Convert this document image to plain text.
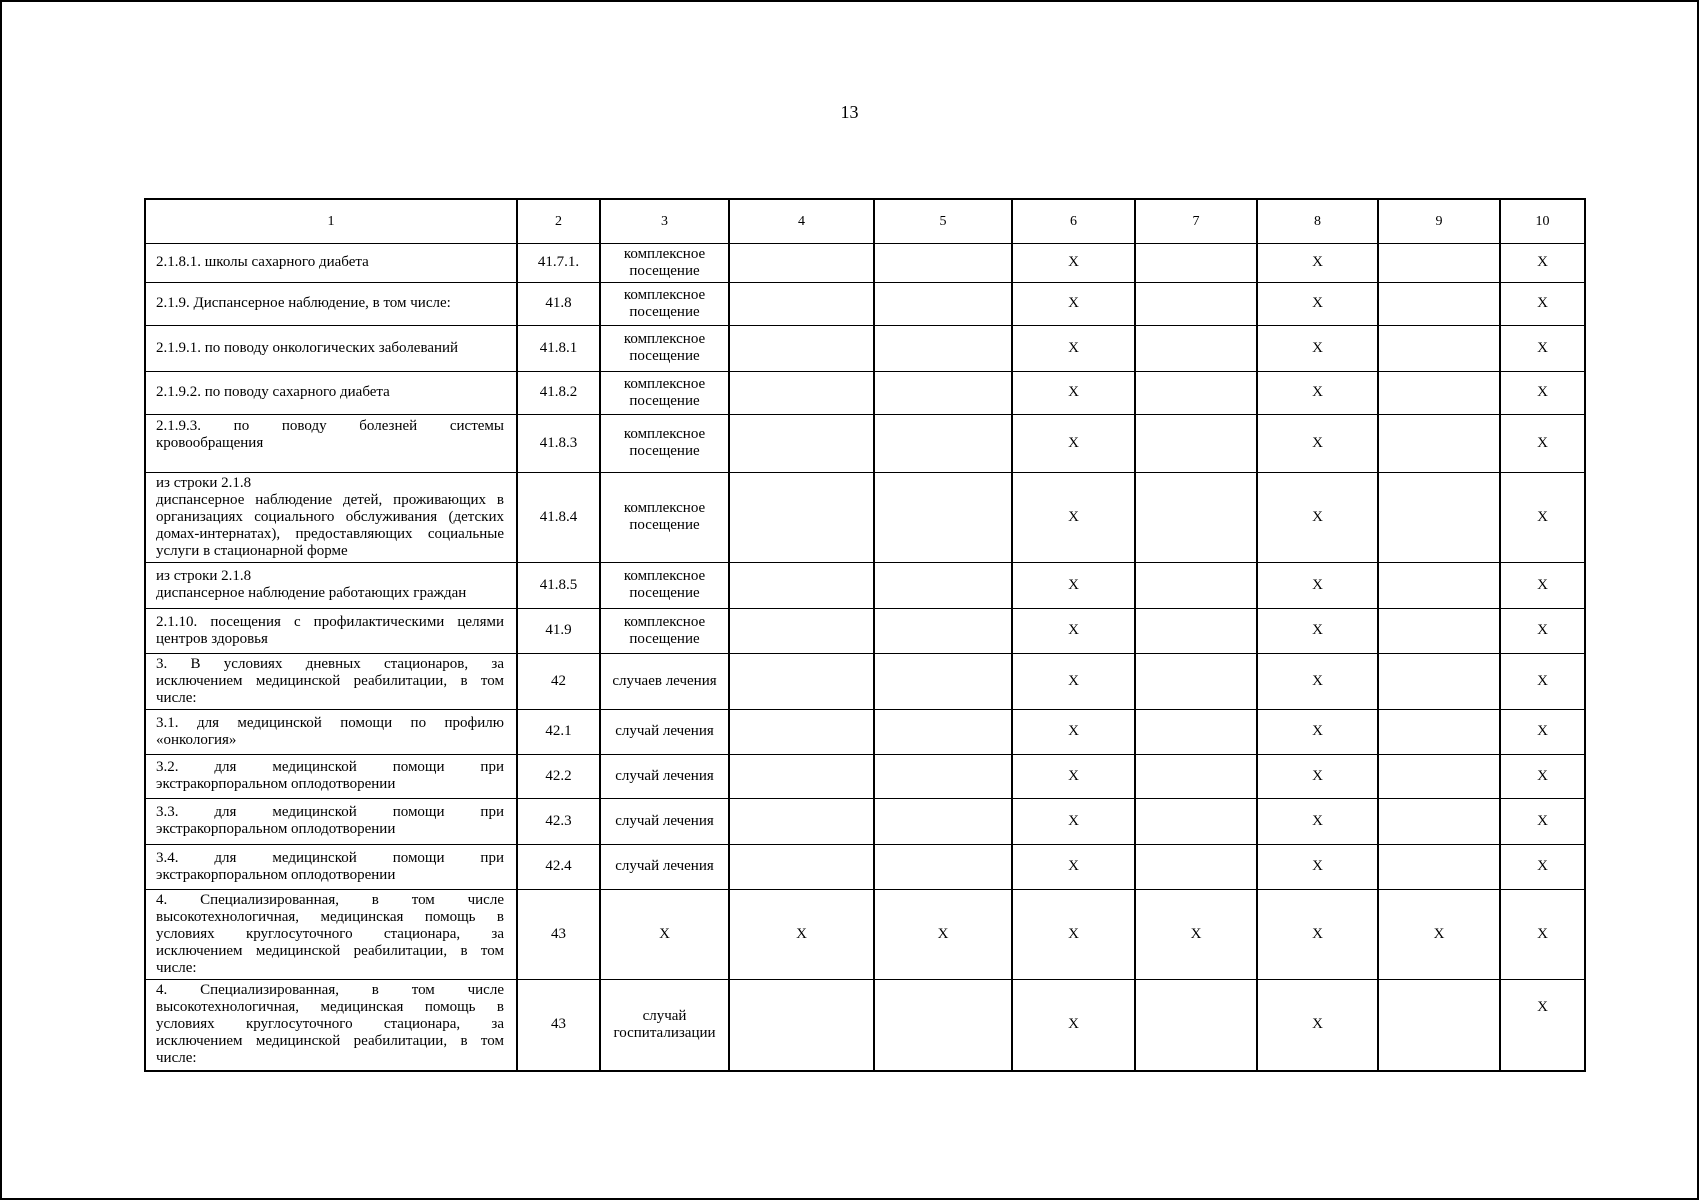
13
1	2	3	4	5	6	7	8	9	10

2.1.8.1. школы сахарного диабета	41.7.1.	комплексное посещение			Х		Х		Х

2.1.9. Диспансерное наблюдение, в том числе:	41.8	комплексное посещение			Х		Х		Х

2.1.9.1. по поводу онкологических заболеваний	41.8.1	комплексное посещение			Х		Х		Х

2.1.9.2. по поводу сахарного диабета	41.8.2	комплексное посещение			Х		Х		Х

2.1.9.3. по поводу болезней системы
кровообращения	41.8.3	комплексное посещение			Х		Х		Х

из строки 2.1.8
диспансерное наблюдение детей, проживающих в
организациях социального обслуживания (детских
домах-интернатах), предоставляющих социальные
услуги в стационарной форме	41.8.4	комплексное посещение			Х		Х		Х

из строки 2.1.8
диспансерное наблюдение работающих граждан	41.8.5	комплексное посещение			Х		Х		Х

2.1.10. посещения с профилактическими целями
центров здоровья	41.9	комплексное посещение			Х		Х		Х

3. В условиях дневных стационаров, за
исключением медицинской реабилитации, в том
числе:	42	случаев лечения			Х		Х		Х

3.1. для медицинской помощи по профилю
«онкология»	42.1	случай лечения			Х		Х		Х

3.2. для медицинской помощи при
экстракорпоральном оплодотворении	42.2	случай лечения			Х		Х		Х

3.3. для медицинской помощи при
экстракорпоральном оплодотворении	42.3	случай лечения			Х		Х		Х

3.4. для медицинской помощи при
экстракорпоральном оплодотворении	42.4	случай лечения			Х		Х		Х

4. Специализированная, в том числе
высокотехнологичная, медицинская помощь в
условиях круглосуточного стационара, за
исключением медицинской реабилитации, в том
числе:	43	Х	Х	Х	Х	Х	Х	Х	Х

4. Специализированная, в том числе
высокотехнологичная, медицинская помощь в
условиях круглосуточного стационара, за
исключением медицинской реабилитации, в том
числе:	43	случай госпитализации			Х		Х		Х
